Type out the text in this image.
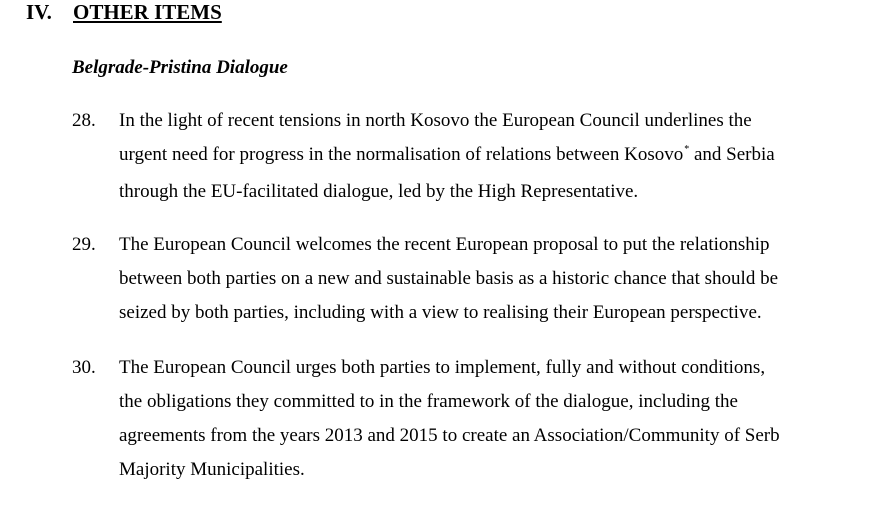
IV. OTHER ITEMS
Belgrade-Pristina Dialogue
28. In the light of recent tensions in north Kosovo the European Council underlines the
urgent need for progress in the normalisation of relations between Kosovo* and Serbia
through the EU-facilitated dialogue, led by the High Representative.
29. The European Council welcomes the recent European proposal to put the relationship
between both parties on a new and sustainable basis as a historic chance that should be
seized by both parties, including with a view to realising their European perspective.
30. The European Council urges both parties to implement, fully and without conditions,
the obligations they committed to in the framework of the dialogue, including the
agreements from the years 2013 and 2015 to create an Association/Community of Serb
Majority Municipalities.
